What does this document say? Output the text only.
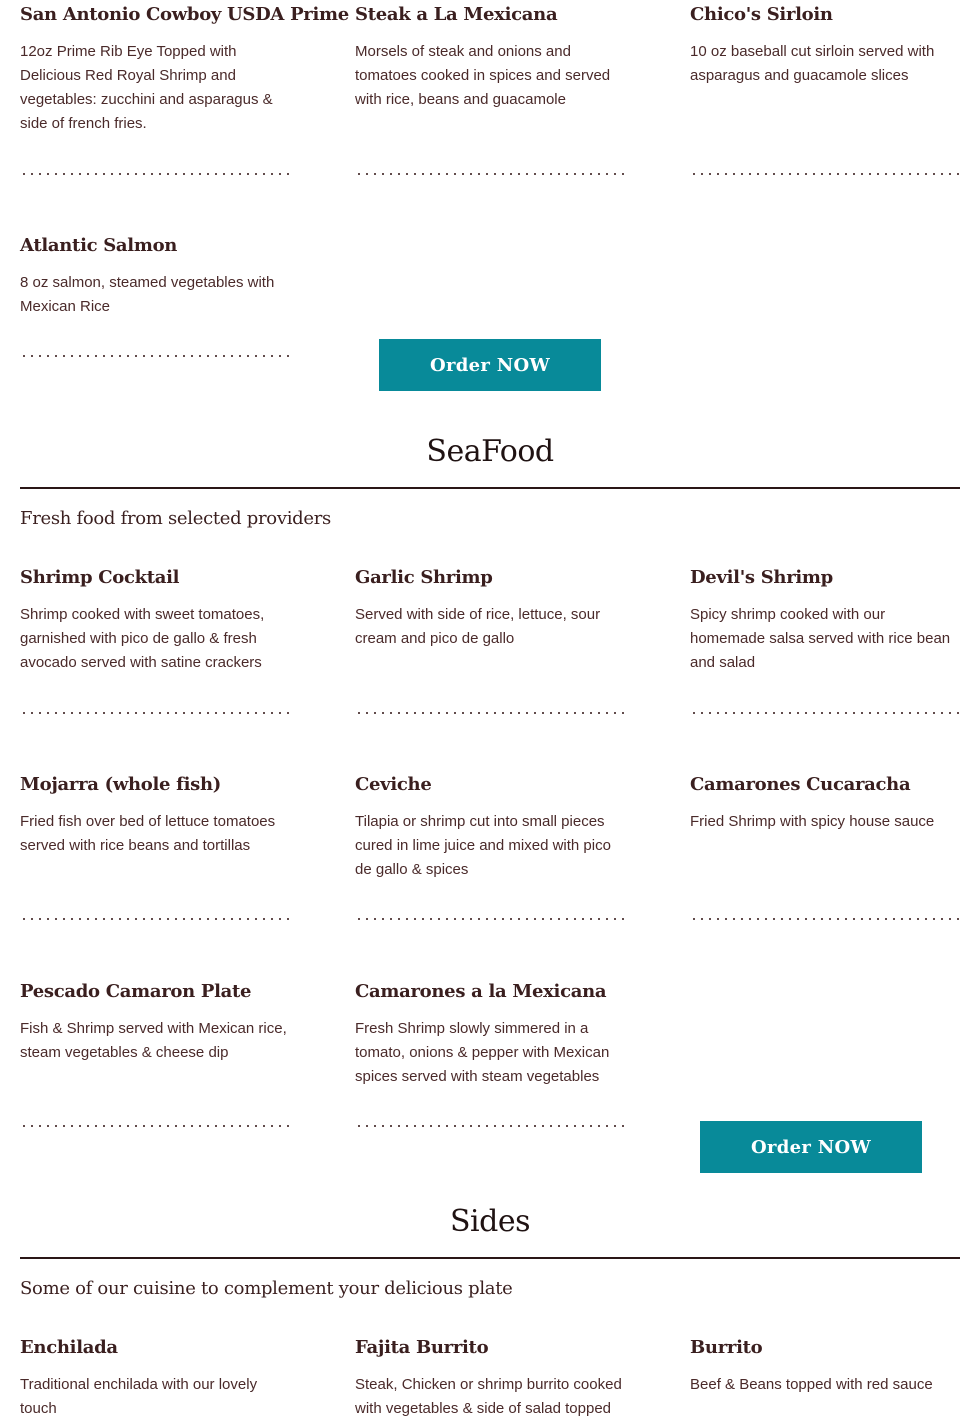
San Antonio Cowboy USDA Prime
12oz Prime Rib Eye Topped with Delicious Red Royal Shrimp and vegetables: zucchini and asparagus & side of french fries.
Steak a La Mexicana
Morsels of steak and onions and tomatoes cooked in spices and served with rice, beans and guacamole
Chico's Sirloin
10 oz baseball cut sirloin served with asparagus and guacamole slices
Atlantic Salmon
8 oz salmon, steamed vegetables with Mexican Rice
Order NOW
SeaFood

Fresh food from selected providers

Shrimp Cocktail
Shrimp cooked with sweet tomatoes, garnished with pico de gallo & fresh avocado served with satine crackers
Garlic Shrimp
Served with side of rice, lettuce, sour cream and pico de gallo
Devil's Shrimp
Spicy shrimp cooked with our homemade salsa served with rice bean and salad
Mojarra (whole fish)
Fried fish over bed of lettuce tomatoes served with rice beans and tortillas
Ceviche
Tilapia or shrimp cut into small pieces cured in lime juice and mixed with pico de gallo & spices
Camarones Cucaracha
Fried Shrimp with spicy house sauce
Pescado Camaron Plate
Fish & Shrimp served with Mexican rice, steam vegetables & cheese dip
Camarones a la Mexicana
Fresh Shrimp slowly simmered in a tomato, onions & pepper with Mexican spices served with steam vegetables
Order NOW
Sides

Some of our cuisine to complement your delicious plate

Enchilada
Traditional enchilada with our lovely touch
Fajita Burrito
Steak, Chicken or shrimp burrito cooked with vegetables & side of salad topped
Burrito
Beef & Beans topped with red sauce
